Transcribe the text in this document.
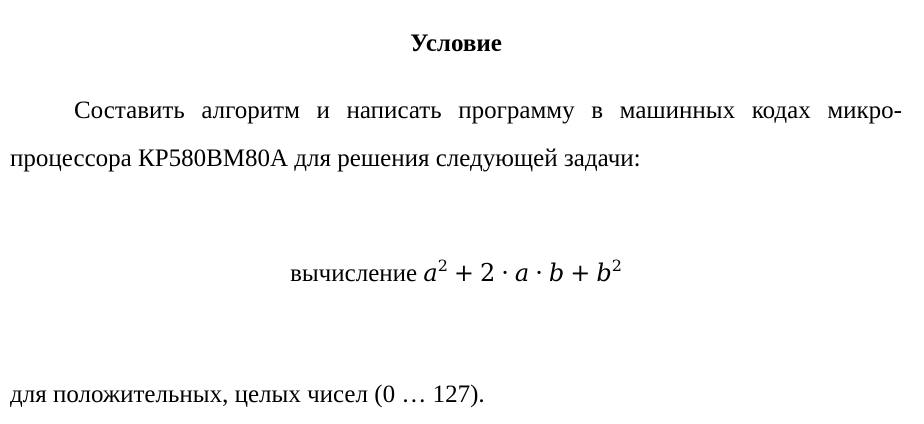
Условие

Составить алгоритм и написать программу в машинных кодах микро-процессора КР580ВМ80А для решения следующей задачи:

вычисление $a^2 + 2 \cdot a \cdot b + b^2$

для положительных, целых чисел (0 … 127).
